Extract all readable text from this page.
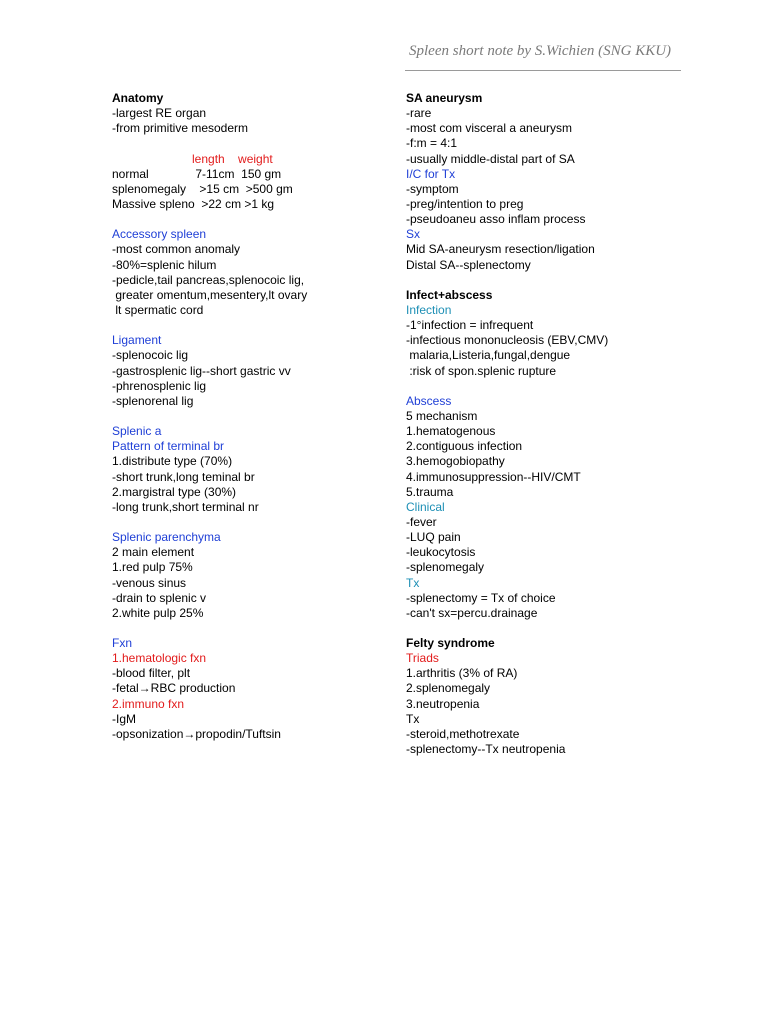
Spleen short note by S.Wichien (SNG KKU)
Anatomy
-largest RE organ
-from primitive mesoderm
length    weight
normal              7-11cm  150 gm
splenomegaly    >15 cm  >500 gm
Massive spleno  >22 cm >1 kg
Accessory spleen
-most common anomaly
-80%=splenic hilum
-pedicle,tail pancreas,splenocoic lig,
greater omentum,mesentery,lt ovary
lt spermatic cord
Ligament
-splenocoic lig
-gastrosplenic lig--short gastric vv
-phrenosplenic lig
-splenorenal lig
Splenic a
Pattern of terminal br
1.distribute type (70%)
-short trunk,long teminal br
2.margistral type (30%)
-long trunk,short terminal nr
Splenic parenchyma
2 main element
1.red pulp 75%
-venous sinus
-drain to splenic v
2.white pulp 25%
Fxn
1.hematologic fxn
-blood filter, plt
-fetal→RBC production
2.immuno fxn
-IgM
-opsonization→propodin/Tuftsin
SA aneurysm
-rare
-most com visceral a aneurysm
-f:m = 4:1
-usually middle-distal part of SA
I/C for Tx
-symptom
-preg/intention to preg
-pseudoaneu asso inflam process
Sx
Mid SA-aneurysm resection/ligation
Distal SA--splenectomy
Infect+abscess
Infection
-1°infection = infrequent
-infectious mononucleosis (EBV,CMV)
malaria,Listeria,fungal,dengue
:risk of spon.splenic rupture
Abscess
5 mechanism
1.hematogenous
2.contiguous infection
3.hemogobiopathy
4.immunosuppression--HIV/CMT
5.trauma
Clinical
-fever
-LUQ pain
-leukocytosis
-splenomegaly
Tx
-splenectomy = Tx of choice
-can't sx=percu.drainage
Felty syndrome
Triads
1.arthritis (3% of RA)
2.splenomegaly
3.neutropenia
Tx
-steroid,methotrexate
-splenectomy--Tx neutropenia
